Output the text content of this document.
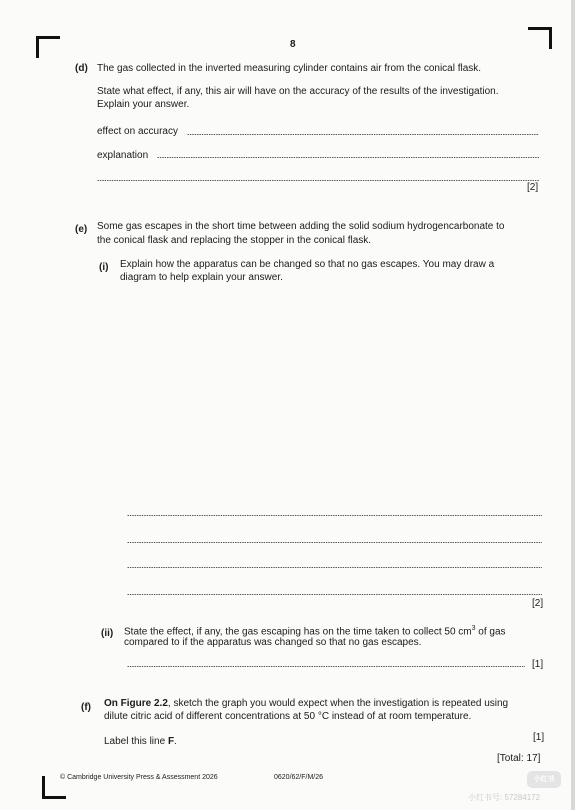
8
(d) The gas collected in the inverted measuring cylinder contains air from the conical flask.
State what effect, if any, this air will have on the accuracy of the results of the investigation.
Explain your answer.
effect on accuracy
explanation
[2]
(e) Some gas escapes in the short time between adding the solid sodium hydrogencarbonate to
the conical flask and replacing the stopper in the conical flask.
(i) Explain how the apparatus can be changed so that no gas escapes. You may draw a
diagram to help explain your answer.
[2]
(ii) State the effect, if any, the gas escaping has on the time taken to collect 50 $cm^3$ of gas
compared to if the apparatus was changed so that no gas escapes.
[1]
(f) On Figure 2.2, sketch the graph you would expect when the investigation is repeated using
dilute citric acid of different concentrations at 50 °C instead of at room temperature.
Label this line F.	[1]
[Total: 17]
© Cambridge University Press & Assessment 2026	0620/62/F/M/26	小红书
小红书号: 57284172
